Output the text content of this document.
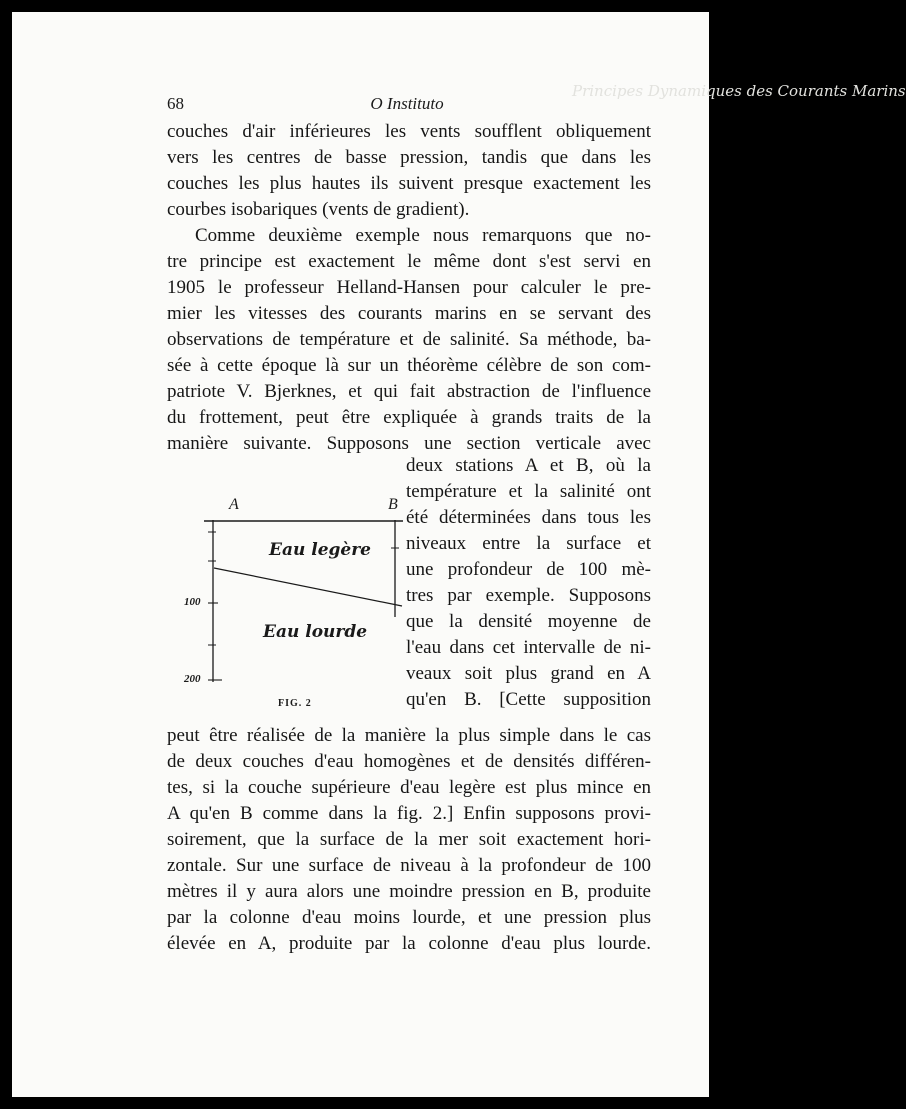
Principes Dynamiques des Courants Marins
68	O Instituto

couches d'air inférieures les vents soufflent obliquement

vers les centres de basse pression, tandis que dans les

couches les plus hautes ils suivent presque exactement les

courbes isobariques (vents de gradient).

Comme deuxième exemple nous remarquons que no-

tre principe est exactement le même dont s'est servi en

1905 le professeur Helland-Hansen pour calculer le pre-

mier les vitesses des courants marins en se servant des

observations de température et de salinité. Sa méthode, ba-

sée à cette époque là sur un théorème célèbre de son com-

patriote V. Bjerknes, et qui fait abstraction de l'influence

du frottement, peut être expliquée à grands traits de la

manière suivante. Supposons une section verticale avec

deux stations A et B, où la

température et la salinité ont

été déterminées dans tous les

niveaux entre la surface et

une profondeur de 100 mè-

tres par exemple. Supposons

que la densité moyenne de

l'eau dans cet intervalle de ni-

veaux soit plus grand en A

qu'en B. [Cette supposition

A	B
Eau legère
Eau lourde
100
200
FIG. 2

peut être réalisée de la manière la plus simple dans le cas

de deux couches d'eau homogènes et de densités différen-

tes, si la couche supérieure d'eau legère est plus mince en

A qu'en B comme dans la fig. 2.] Enfin supposons provi-

soirement, que la surface de la mer soit exactement hori-

zontale. Sur une surface de niveau à la profondeur de 100

mètres il y aura alors une moindre pression en B, produite

par la colonne d'eau moins lourde, et une pression plus

élevée en A, produite par la colonne d'eau plus lourde.
